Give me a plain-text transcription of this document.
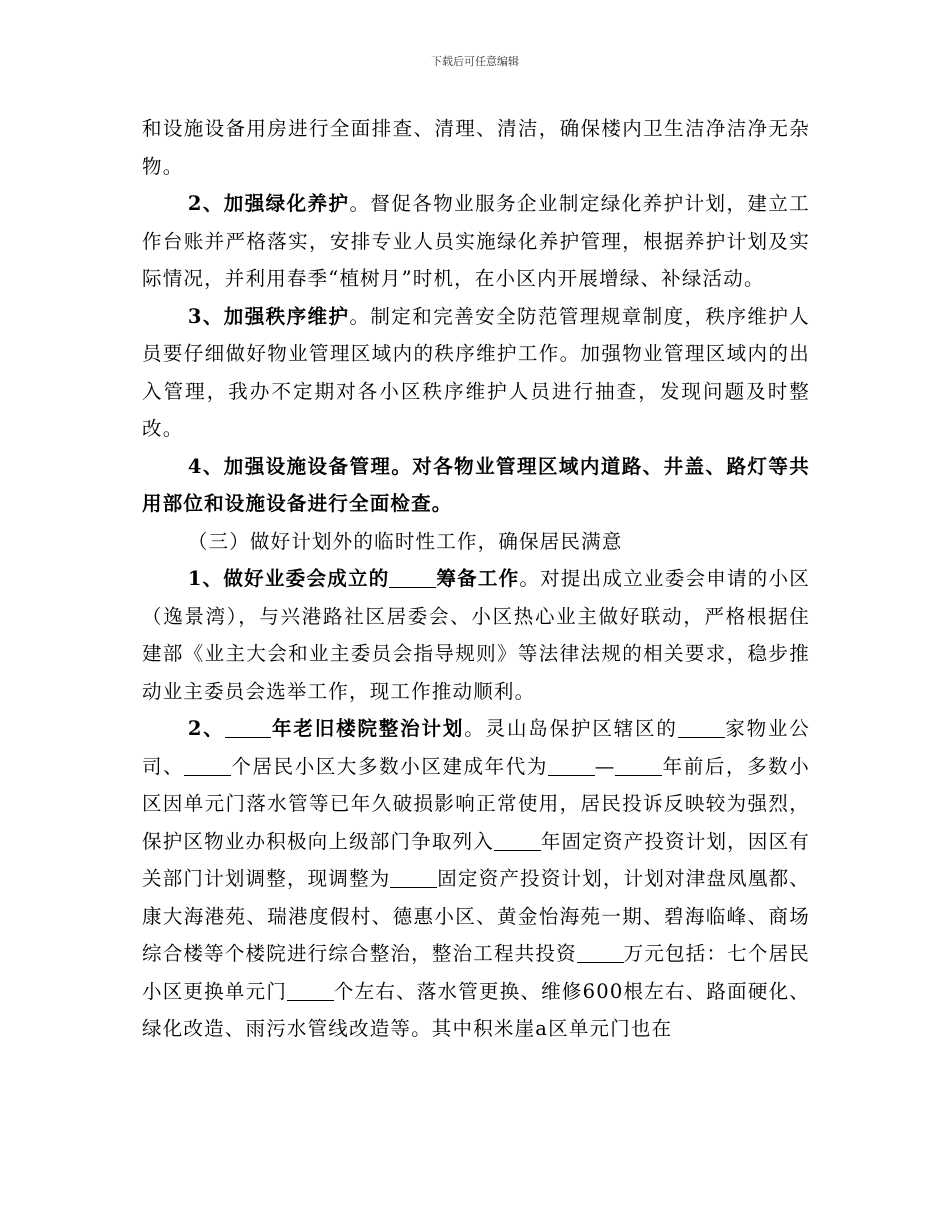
下载后可任意编辑

和设施设备用房进行全面排查、清理、清洁，确保楼内卫生洁净洁净无杂物。

2、加强绿化养护。督促各物业服务企业制定绿化养护计划，建立工作台账并严格落实，安排专业人员实施绿化养护管理，根据养护计划及实际情况，并利用春季“植树月”时机，在小区内开展增绿、补绿活动。

3、加强秩序维护。制定和完善安全防范管理规章制度，秩序维护人员要仔细做好物业管理区域内的秩序维护工作。加强物业管理区域内的出入管理，我办不定期对各小区秩序维护人员进行抽查，发现问题及时整改。

4、加强设施设备管理。对各物业管理区域内道路、井盖、路灯等共用部位和设施设备进行全面检查。

（三）做好计划外的临时性工作，确保居民满意

1、做好业委会成立的 筹备工作。对提出成立业委会申请的小区（逸景湾），与兴港路社区居委会、小区热心业主做好联动，严格根据住建部《业主大会和业主委员会指导规则》等法律法规的相关要求，稳步推动业主委员会选举工作，现工作推动顺利。

2、 年老旧楼院整治计划。灵山岛保护区辖区的 家物业公司、 个居民小区大多数小区建成年代为 — 年前后，多数小区因单元门落水管等已年久破损影响正常使用，居民投诉反映较为强烈，保护区物业办积极向上级部门争取列入 年固定资产投资计划，因区有关部门计划调整，现调整为 固定资产投资计划，计划对津盘凤凰都、康大海港苑、瑞港度假村、德惠小区、黄金怡海苑一期、碧海临峰、商场综合楼等个楼院进行综合整治，整治工程共投资 万元包括：七个居民小区更换单元门 个左右、落水管更换、维修600根左右、路面硬化、绿化改造、雨污水管线改造等。其中积米崖a区单元门也在
